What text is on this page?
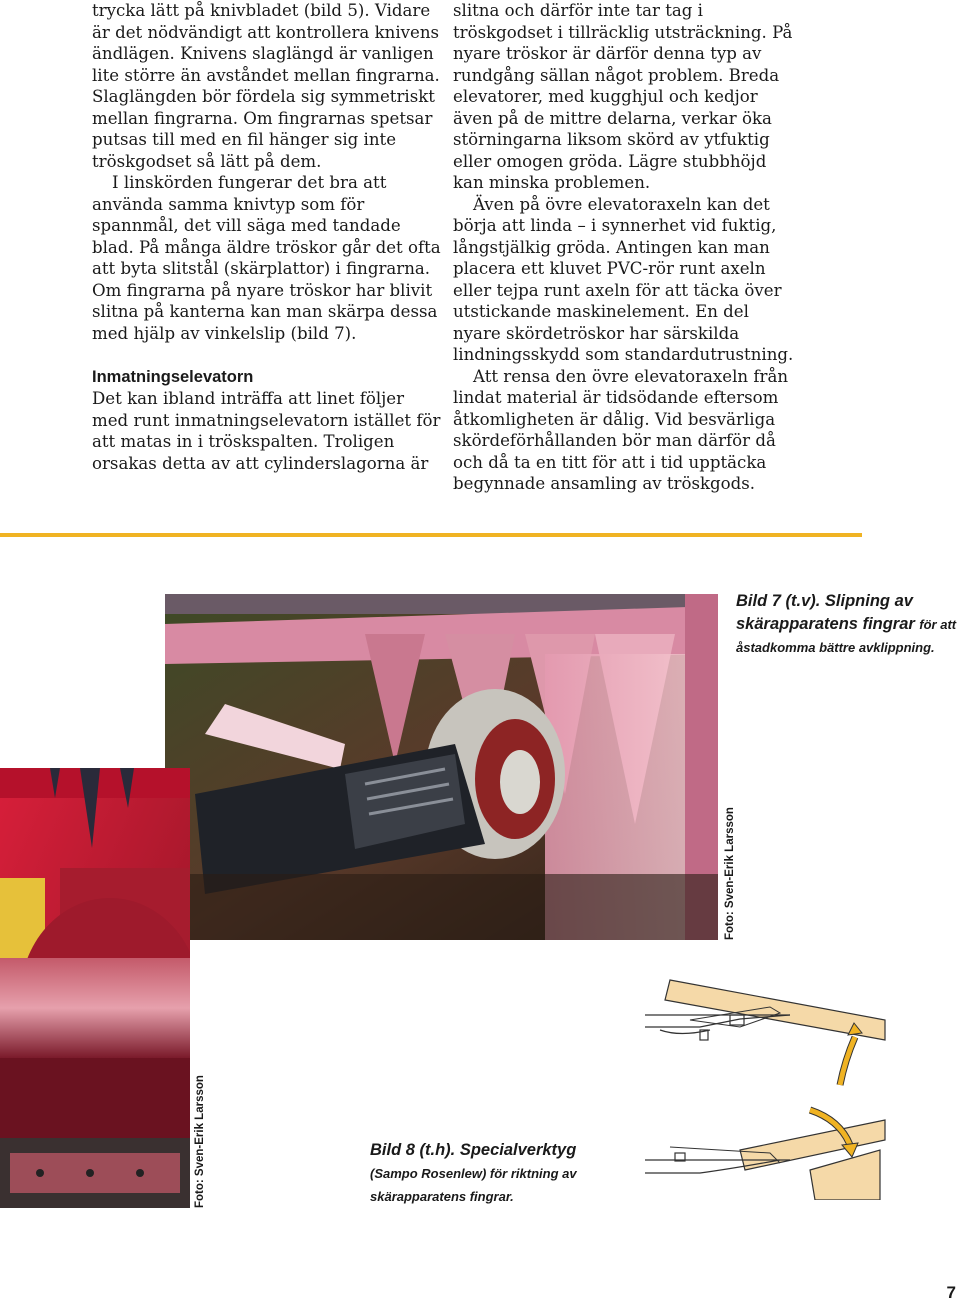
trycka lätt på knivbladet (bild 5). Vidare är det nödvändigt att kontrollera knivens ändlägen. Knivens slaglängd är vanligen lite större än avståndet mellan fingrarna. Slaglängden bör fördela sig symmetriskt mellan fingrarna. Om fingrarnas spetsar putsas till med en fil hänger sig inte tröskgodset så lätt på dem.

I linskörden fungerar det bra att använda samma knivtyp som för spannmål, det vill säga med tandade blad. På många äldre tröskor går det ofta att byta slitstål (skärplattor) i fingrarna. Om fingrarna på nyare tröskor har blivit slitna på kanterna kan man skärpa dessa med hjälp av vinkelslip (bild 7).

Inmatningselevatorn

Det kan ibland inträffa att linet följer med runt inmatningselevatorn istället för att matas in i tröskspalten. Troligen orsakas detta av att cylinderslagorna är

slitna och därför inte tar tag i tröskgodset i tillräcklig utsträckning. På nyare tröskor är därför denna typ av rundgång sällan något problem. Breda elevatorer, med kugghjul och kedjor även på de mittre delarna, verkar öka störningarna liksom skörd av ytfuktig eller omogen gröda. Lägre stubbhöjd kan minska problemen.

Även på övre elevatoraxeln kan det börja att linda – i synnerhet vid fuktig, långstjälkig gröda. Antingen kan man placera ett kluvet PVC-rör runt axeln eller tejpa runt axeln för att täcka över utstickande maskinelement. En del nyare skördetröskor har särskilda lindningsskydd som standardutrustning.

Att rensa den övre elevatoraxeln från lindat material är tidsödande eftersom åtkomligheten är dålig. Vid besvärliga skördeförhållanden bör man därför då och då ta en titt för att i tid upptäcka begynnade ansamling av tröskgods.

Foto: Sven-Erik Larsson
Foto: Sven-Erik Larsson
Bild 7 (t.v). Slipning av skärapparatens fingrar för att åstadkomma bättre avklippning.
Bild 8 (t.h). Specialverktyg
(Sampo Rosenlew) för riktning av skärapparatens fingrar.
7
